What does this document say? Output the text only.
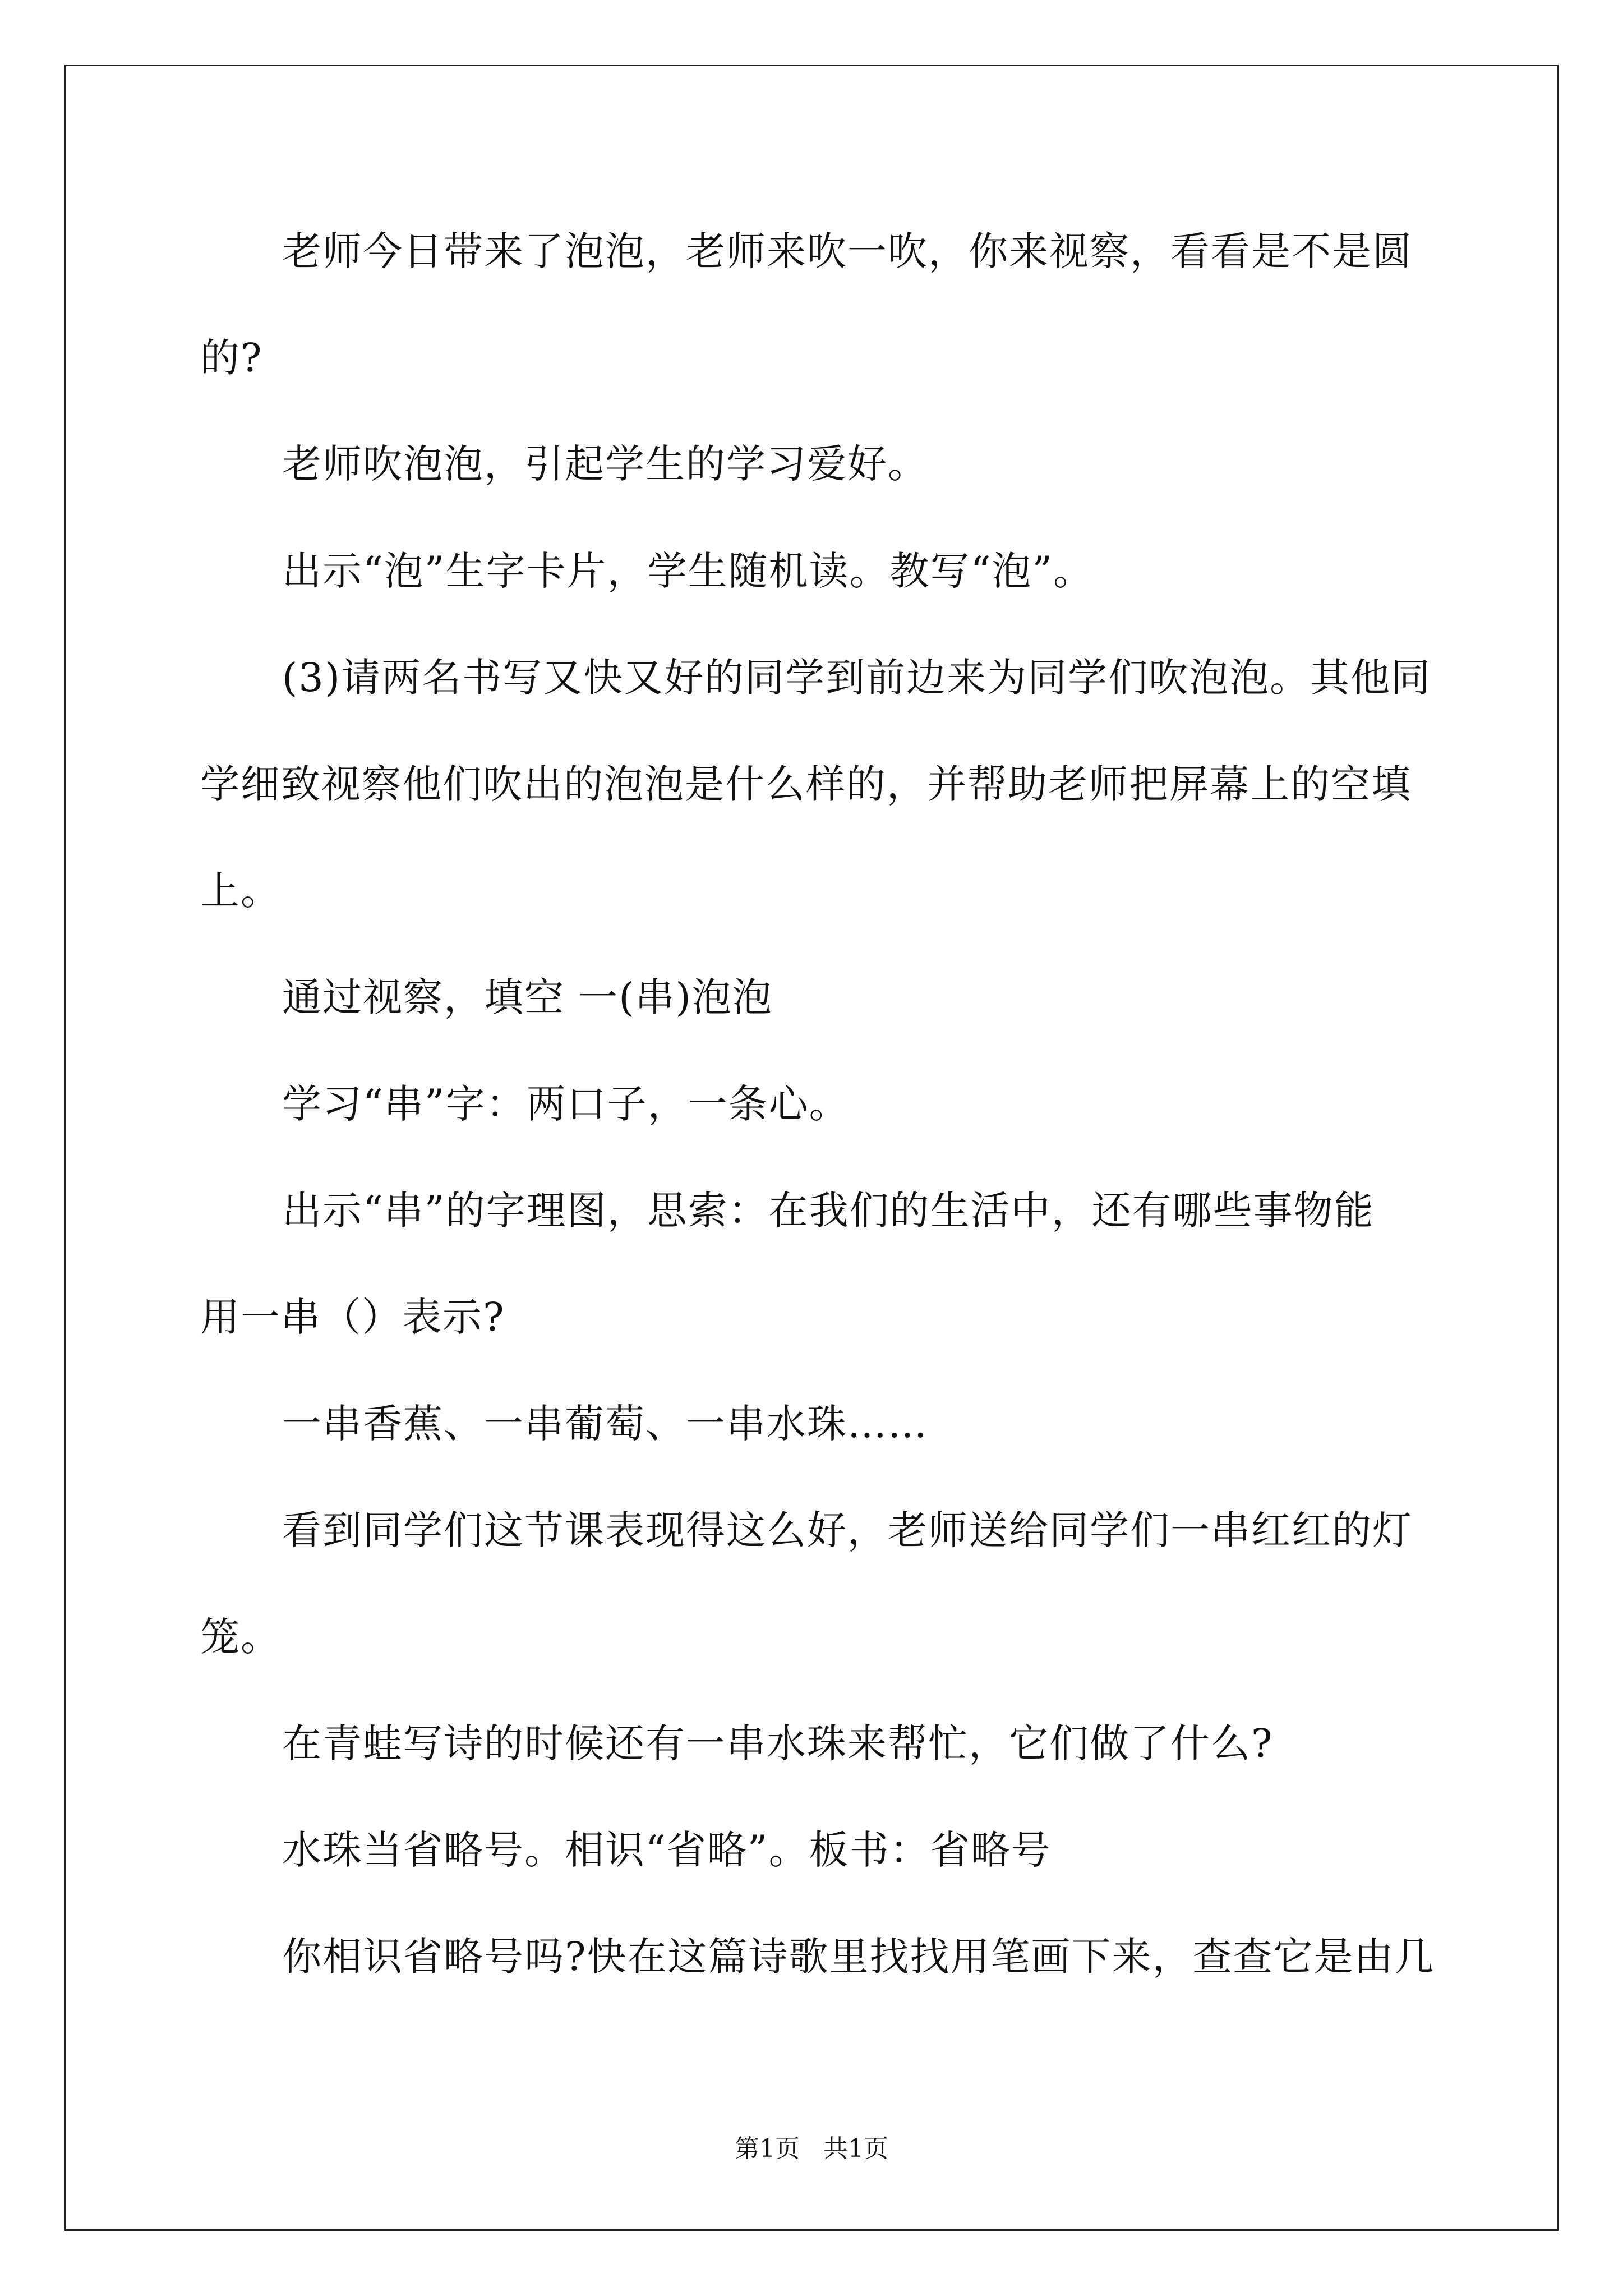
老师今日带来了泡泡，老师来吹一吹，你来视察，看看是不是圆
的?
老师吹泡泡，引起学生的学习爱好。
出示“泡”生字卡片，学生随机读。教写“泡”。
(3)请两名书写又快又好的同学到前边来为同学们吹泡泡。其他同
学细致视察他们吹出的泡泡是什么样的，并帮助老师把屏幕上的空填
上。
通过视察，填空 一(串)泡泡
学习“串”字：两口子，一条心。
出示“串”的字理图，思索：在我们的生活中，还有哪些事物能
用一串（）表示?
一串香蕉、一串葡萄、一串水珠……
看到同学们这节课表现得这么好，老师送给同学们一串红红的灯
笼。
在青蛙写诗的时候还有一串水珠来帮忙，它们做了什么?
水珠当省略号。相识“省略”。板书：省略号
你相识省略号吗?快在这篇诗歌里找找用笔画下来，查查它是由几
第1页 共1页
